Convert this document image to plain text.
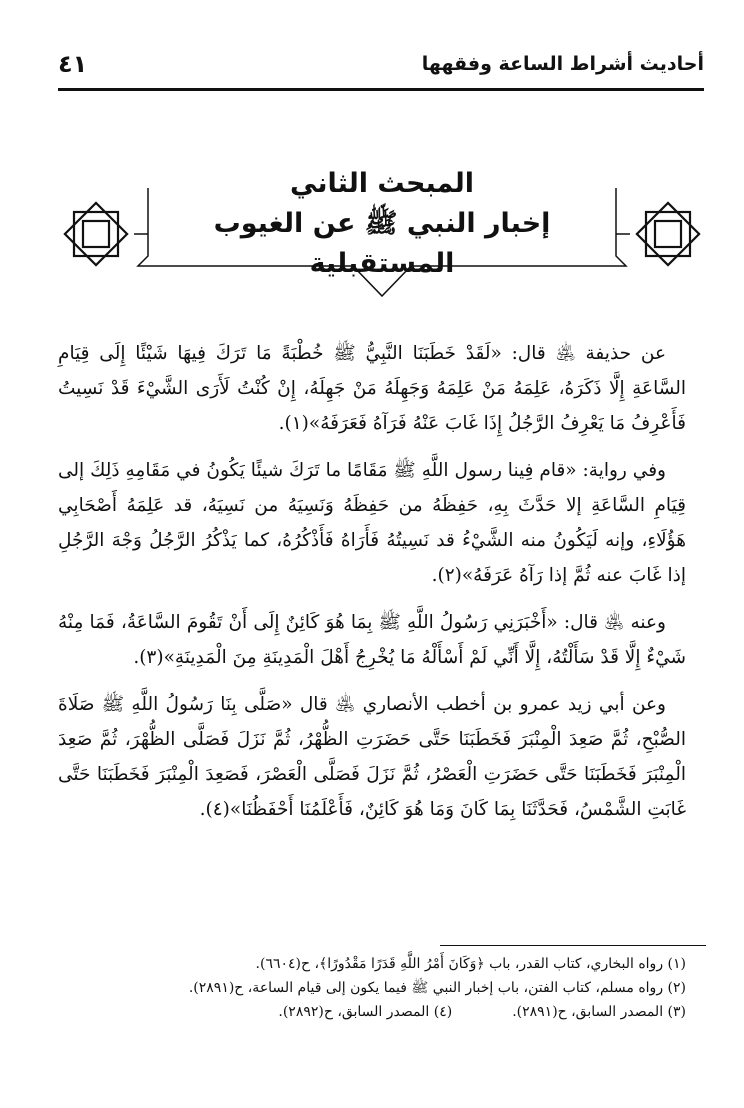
٤١	أحاديث أشراط الساعة وفقهها
المبحث الثاني
إخبار النبي ﷺ عن الغيوب المستقبلية

عن حذيفة ﵁ قال: «لَقَدْ خَطَبَنَا النَّبِيُّ ﷺ خُطْبَةً مَا تَرَكَ فِيهَا شَيْئًا إِلَى قِيَامِ السَّاعَةِ إِلَّا ذَكَرَهُ، عَلِمَهُ مَنْ عَلِمَهُ وَجَهِلَهُ مَنْ جَهِلَهُ، إِنْ كُنْتُ لَأَرَى الشَّيْءَ قَدْ نَسِيتُ فَأَعْرِفُ مَا يَعْرِفُ الرَّجُلُ إِذَا غَابَ عَنْهُ فَرَآهُ فَعَرَفَهُ»(١).

وفي رواية: «قام فِينا رسول اللَّهِ ﷺ مَقَامًا ما تَرَكَ شيئًا يَكُونُ في مَقَامِهِ ذَلِكَ إلى قِيَامِ السَّاعَةِ إلا حَدَّثَ بِهِ، حَفِظَهُ من حَفِظَهُ وَنَسِيَهُ من نَسِيَهُ، قد عَلِمَهُ أَصْحَابِي هَؤُلَاءِ، وإنه لَيَكُونُ منه الشَّيْءُ قد نَسِيتُهُ فَأَرَاهُ فَأَذْكُرُهُ، كما يَذْكُرُ الرَّجُلُ وَجْهَ الرَّجُلِ إذا غَابَ عنه ثُمَّ إذا رَآهُ عَرَفَهُ»(٢).

وعنه ﵁ قال: «أَخْبَرَنِي رَسُولُ اللَّهِ ﷺ بِمَا هُوَ كَائِنٌ إِلَى أَنْ تَقُومَ السَّاعَةُ، فَمَا مِنْهُ شَيْءٌ إِلَّا قَدْ سَأَلْتُهُ، إِلَّا أَنِّي لَمْ أَسْأَلْهُ مَا يُخْرِجُ أَهْلَ الْمَدِينَةِ مِنَ الْمَدِينَةِ»(٣).

وعن أبي زيد عمرو بن أخطب الأنصاري ﵁ قال «صَلَّى بِنَا رَسُولُ اللَّهِ ﷺ صَلَاةَ الصُّبْحِ، ثُمَّ صَعِدَ الْمِنْبَرَ فَخَطَبَنَا حَتَّى حَضَرَتِ الظُّهْرُ، ثُمَّ نَزَلَ فَصَلَّى الظُّهْرَ، ثُمَّ صَعِدَ الْمِنْبَرَ فَخَطَبَنَا حَتَّى حَضَرَتِ الْعَصْرُ، ثُمَّ نَزَلَ فَصَلَّى الْعَصْرَ، فَصَعِدَ الْمِنْبَرَ فَخَطَبَنَا حَتَّى غَابَتِ الشَّمْسُ، فَحَدَّثَنَا بِمَا كَانَ وَمَا هُوَ كَائِنٌ، فَأَعْلَمُنَا أَحْفَظُنَا»(٤).

(١) رواه البخاري، كتاب القدر، باب ﴿وَكَانَ أَمْرُ اللَّهِ قَدَرًا مَقْدُورًا﴾، ح(٦٦٠٤).
(٢) رواه مسلم، كتاب الفتن، باب إخبار النبي ﷺ فيما يكون إلى قيام الساعة، ح(٢٨٩١).
(٣) المصدر السابق، ح(٢٨٩١).
(٤) المصدر السابق، ح(٢٨٩٢).
